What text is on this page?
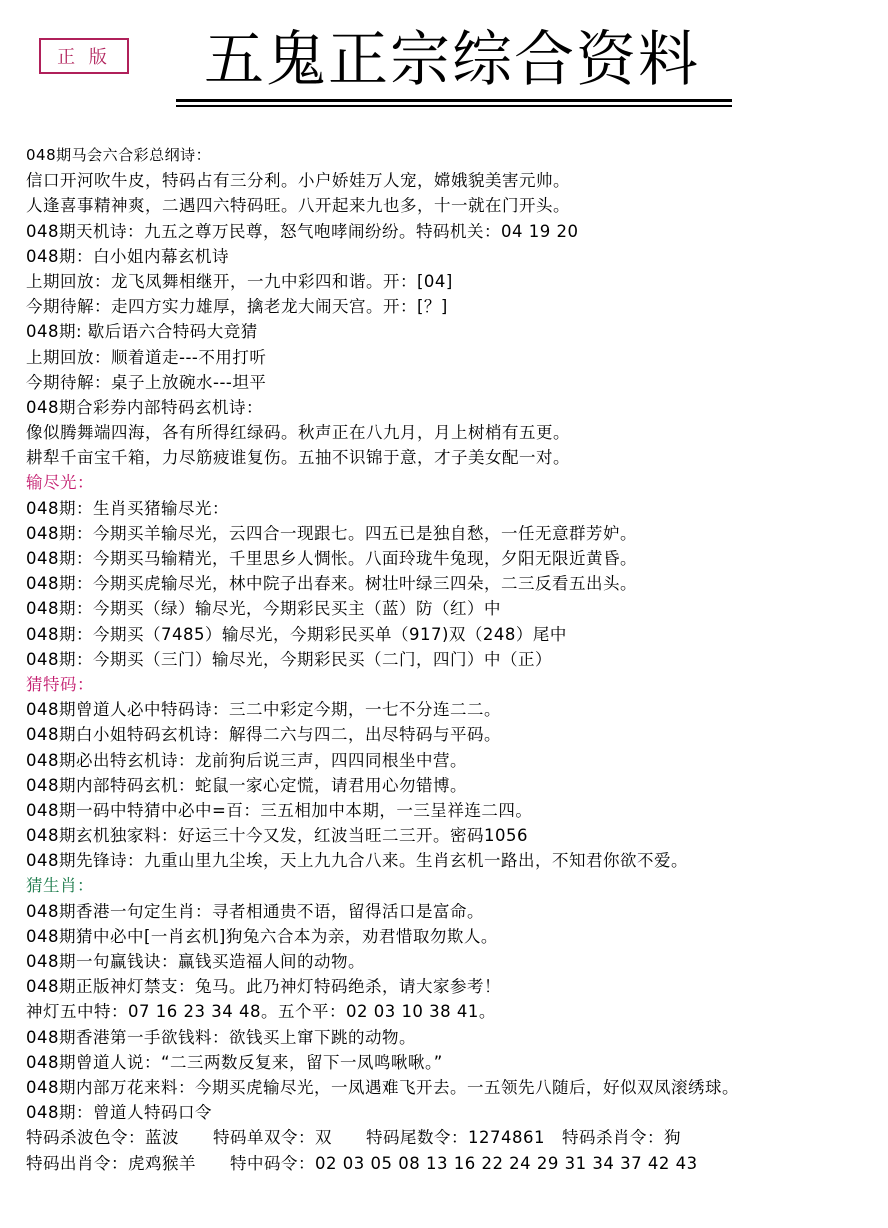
正 版	五鬼正宗综合资料
048期马会六合彩总纲诗：
信口开河吹牛皮，特码占有三分利。小户娇娃万人宠，嫦娥貌美害元帅。
人逢喜事精神爽，二遇四六特码旺。八开起来九也多，十一就在门开头。
048期天机诗：九五之尊万民尊，怒气咆哮闹纷纷。特码机关：04 19 20
048期：白小姐内幕玄机诗
上期回放：龙飞凤舞相继开，一九中彩四和谐。开：[04]
今期待解：走四方实力雄厚，擒老龙大闹天宫。开：[？]
048期: 歇后语六合特码大竞猜
上期回放：顺着道走---不用打听
今期待解：桌子上放碗水---坦平
048期合彩券内部特码玄机诗：
像似腾舞端四海，各有所得红绿码。秋声正在八九月，月上树梢有五更。
耕犁千亩宝千箱，力尽筋疲谁复伤。五抽不识锦于意，才子美女配一对。
输尽光：
048期：生肖买猪输尽光：
048期：今期买羊输尽光，云四合一现跟七。四五已是独自愁，一任无意群芳妒。
048期：今期买马输精光，千里思乡人惆怅。八面玲珑牛兔现，夕阳无限近黄昏。
048期：今期买虎输尽光，林中院子出春来。树壮叶绿三四朵，二三反看五出头。
048期：今期买（绿）输尽光，今期彩民买主（蓝）防（红）中
048期：今期买（7485）输尽光，今期彩民买单（917)双（248）尾中
048期：今期买（三门）输尽光，今期彩民买（二门，四门）中（正）
猜特码：
048期曾道人必中特码诗：三二中彩定今期，一七不分连二二。
048期白小姐特码玄机诗：解得二六与四二，出尽特码与平码。
048期必出特玄机诗：龙前狗后说三声，四四同根坐中营。
048期内部特码玄机：蛇鼠一家心定慌，请君用心勿错博。
048期一码中特猜中必中=百：三五相加中本期，一三呈祥连二四。
048期玄机独家料：好运三十今又发，红波当旺二三开。密码1056
048期先锋诗：九重山里九尘埃，天上九九合八来。生肖玄机一路出，不知君你欲不爱。
猜生肖：
048期香港一句定生肖：寻者相通贵不语，留得活口是富命。
048期猜中必中[一肖玄机]狗兔六合本为亲，劝君惜取勿欺人。
048期一句赢钱诀：赢钱买造福人间的动物。
048期正版神灯禁支：兔马。此乃神灯特码绝杀，请大家参考！
神灯五中特：07 16 23 34 48。五个平：02 03 10 38 41。
048期香港第一手欲钱料：欲钱买上窜下跳的动物。
048期曾道人说：“二三两数反复来，留下一凤鸣啾啾。”
048期内部万花来料：今期买虎输尽光，一凤遇难飞开去。一五领先八随后，好似双凤滚绣球。
048期：曾道人特码口令
特码杀波色令：蓝波　　特码单双令：双　　特码尾数令：1274861　特码杀肖令：狗
特码出肖令：虎鸡猴羊　　特中码令：02 03 05 08 13 16 22 24 29 31 34 37 42 43
